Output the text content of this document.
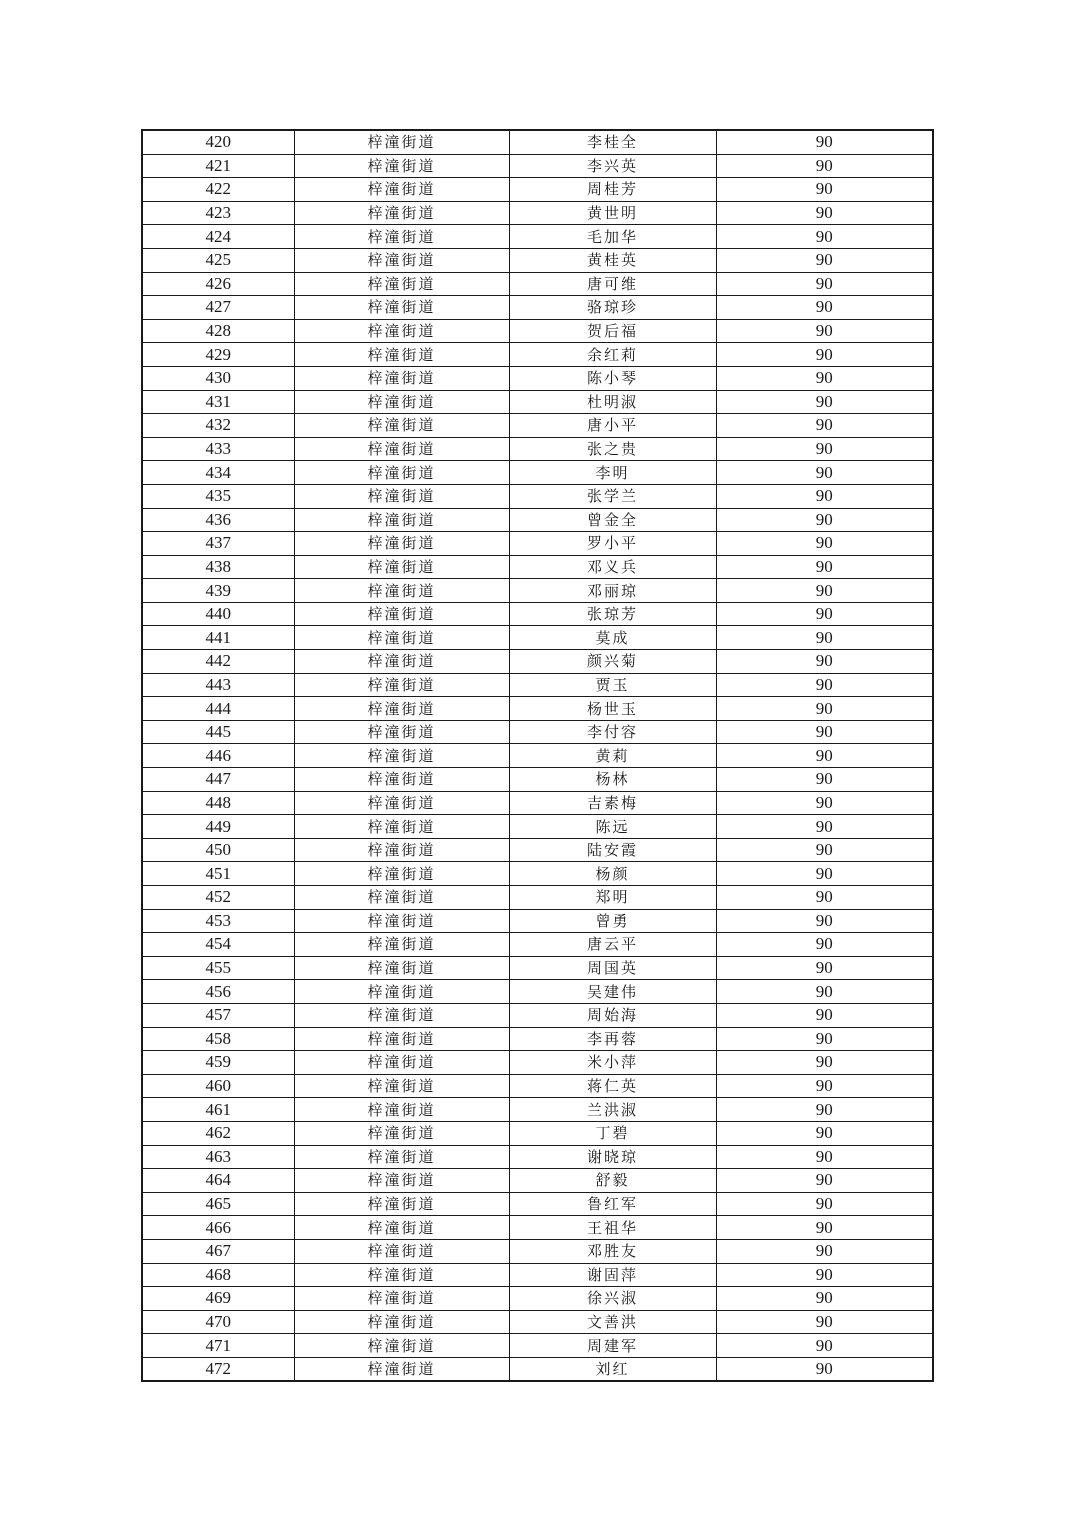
420	梓潼街道	李桂全	90
421	梓潼街道	李兴英	90
422	梓潼街道	周桂芳	90
423	梓潼街道	黄世明	90
424	梓潼街道	毛加华	90
425	梓潼街道	黄桂英	90
426	梓潼街道	唐可维	90
427	梓潼街道	骆琼珍	90
428	梓潼街道	贺后福	90
429	梓潼街道	余红莉	90
430	梓潼街道	陈小琴	90
431	梓潼街道	杜明淑	90
432	梓潼街道	唐小平	90
433	梓潼街道	张之贵	90
434	梓潼街道	李明	90
435	梓潼街道	张学兰	90
436	梓潼街道	曾金全	90
437	梓潼街道	罗小平	90
438	梓潼街道	邓义兵	90
439	梓潼街道	邓丽琼	90
440	梓潼街道	张琼芳	90
441	梓潼街道	莫成	90
442	梓潼街道	颜兴菊	90
443	梓潼街道	贾玉	90
444	梓潼街道	杨世玉	90
445	梓潼街道	李付容	90
446	梓潼街道	黄莉	90
447	梓潼街道	杨林	90
448	梓潼街道	吉素梅	90
449	梓潼街道	陈远	90
450	梓潼街道	陆安霞	90
451	梓潼街道	杨颜	90
452	梓潼街道	郑明	90
453	梓潼街道	曾勇	90
454	梓潼街道	唐云平	90
455	梓潼街道	周国英	90
456	梓潼街道	吴建伟	90
457	梓潼街道	周始海	90
458	梓潼街道	李再蓉	90
459	梓潼街道	米小萍	90
460	梓潼街道	蒋仁英	90
461	梓潼街道	兰洪淑	90
462	梓潼街道	丁碧	90
463	梓潼街道	谢晓琼	90
464	梓潼街道	舒毅	90
465	梓潼街道	鲁红军	90
466	梓潼街道	王祖华	90
467	梓潼街道	邓胜友	90
468	梓潼街道	谢固萍	90
469	梓潼街道	徐兴淑	90
470	梓潼街道	文善洪	90
471	梓潼街道	周建军	90
472	梓潼街道	刘红	90
